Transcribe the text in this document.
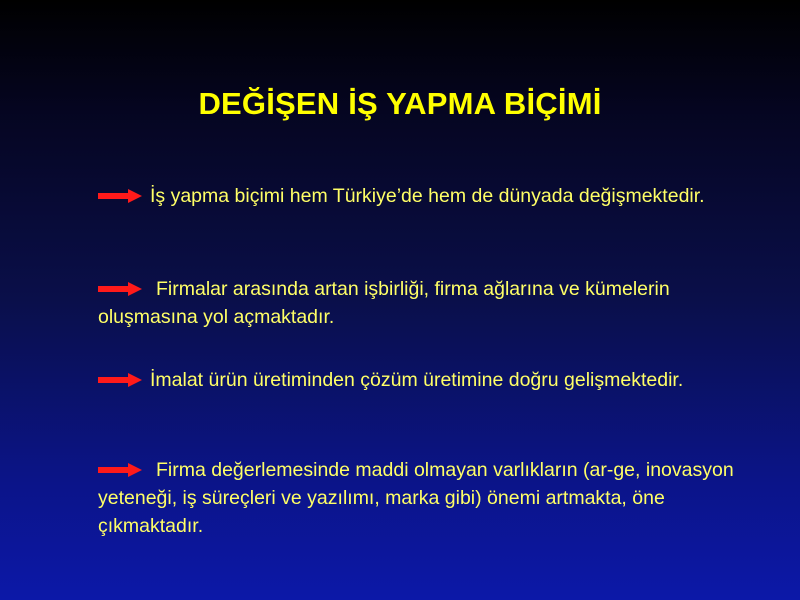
DEĞİŞEN İŞ YAPMA BİÇİMİ
İş yapma biçimi hem Türkiye’de hem de dünyada değişmektedir.
Firmalar arasında artan işbirliği, firma ağlarına ve kümelerin oluşmasına yol açmaktadır.
İmalat ürün üretiminden çözüm üretimine doğru gelişmektedir.
Firma değerlemesinde maddi olmayan varlıkların (ar-ge, inovasyon yeteneği, iş süreçleri ve yazılımı, marka gibi) önemi artmakta, öne çıkmaktadır.
